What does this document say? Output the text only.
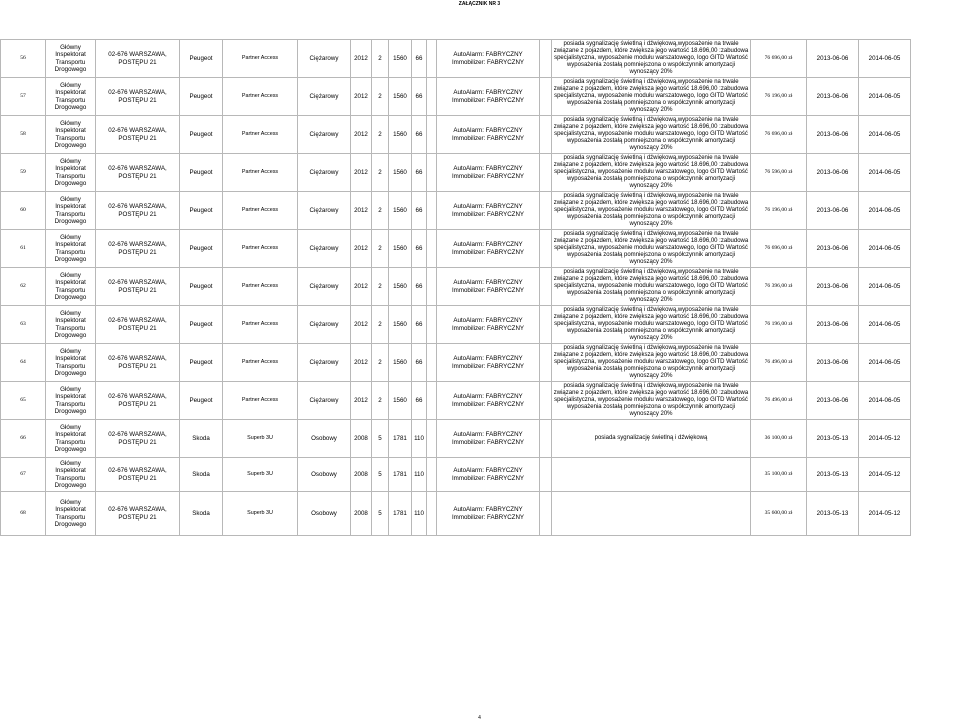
ZAŁĄCZNIK NR 3
56	Główny Inspektorat Transportu Drogowego	02-676 WARSZAWA, POSTĘPU 21	Peugeot	Partner Access	Ciężarowy	2012	2	1560	66		AutoAlarm: FABRYCZNY Immobilizer: FABRYCZNY		posiada sygnalizację świetlną i dźwiękową,wyposażenie na trwale związane z pojazdem, które zwiększa jego wartość 18.696,00 :zabudowa specjalistyczna, wyposażenie modułu warszatowego, logo GITD Wartość wyposażenia zostałą pomniejszona o współczynnik amortyzacji wynoszący 20%	76 696,00 zł	2013-06-06	2014-06-05
57	Główny Inspektorat Transportu Drogowego	02-676 WARSZAWA, POSTĘPU 21	Peugeot	Partner Access	Ciężarowy	2012	2	1560	66		AutoAlarm: FABRYCZNY Immobilizer: FABRYCZNY		posiada sygnalizację świetlną i dźwiękową,wyposażenie na trwale związane z pojazdem, które zwiększa jego wartość 18.696,00 :zabudowa specjalistyczna, wyposażenie modułu warszatowego, logo GITD Wartość wyposażenia zostałą pomniejszona o współczynnik amortyzacji wynoszący 20%	76 196,00 zł	2013-06-06	2014-06-05
58	Główny Inspektorat Transportu Drogowego	02-676 WARSZAWA, POSTĘPU 21	Peugeot	Partner Access	Ciężarowy	2012	2	1560	66		AutoAlarm: FABRYCZNY Immobilizer: FABRYCZNY		posiada sygnalizację świetlną i dźwiękową,wyposażenie na trwale związane z pojazdem, które zwiększa jego wartość 18.696,00 :zabudowa specjalistyczna, wyposażenie modułu warszatowego, logo GITD Wartość wyposażenia zostałą pomniejszona o współczynnik amortyzacji wynoszący 20%	76 696,00 zł	2013-06-06	2014-06-05
59	Główny Inspektorat Transportu Drogowego	02-676 WARSZAWA, POSTĘPU 21	Peugeot	Partner Access	Ciężarowy	2012	2	1560	66		AutoAlarm: FABRYCZNY Immobilizer: FABRYCZNY		posiada sygnalizację świetlną i dźwiękową,wyposażenie na trwale związane z pojazdem, które zwiększa jego wartość 18.696,00 :zabudowa specjalistyczna, wyposażenie modułu warszatowego, logo GITD Wartość wyposażenia zostałą pomniejszona o współczynnik amortyzacji wynoszący 20%	76 596,00 zł	2013-06-06	2014-06-05
60	Główny Inspektorat Transportu Drogowego	02-676 WARSZAWA, POSTĘPU 21	Peugeot	Partner Access	Ciężarowy	2012	2	1560	66		AutoAlarm: FABRYCZNY Immobilizer: FABRYCZNY		posiada sygnalizację świetlną i dźwiękową,wyposażenie na trwale związane z pojazdem, które zwiększa jego wartość 18.696,00 :zabudowa specjalistyczna, wyposażenie modułu warszatowego, logo GITD Wartość wyposażenia zostałą pomniejszona o współczynnik amortyzacji wynoszący 20%	76 196,00 zł	2013-06-06	2014-06-05
61	Główny Inspektorat Transportu Drogowego	02-676 WARSZAWA, POSTĘPU 21	Peugeot	Partner Access	Ciężarowy	2012	2	1560	66		AutoAlarm: FABRYCZNY Immobilizer: FABRYCZNY		posiada sygnalizację świetlną i dźwiękową,wyposażenie na trwale związane z pojazdem, które zwiększa jego wartość 18.696,00 :zabudowa specjalistyczna, wyposażenie modułu warszatowego, logo GITD Wartość wyposażenia zostałą pomniejszona o współczynnik amortyzacji wynoszący 20%	76 696,00 zł	2013-06-06	2014-06-05
62	Główny Inspektorat Transportu Drogowego	02-676 WARSZAWA, POSTĘPU 21	Peugeot	Partner Access	Ciężarowy	2012	2	1560	66		AutoAlarm: FABRYCZNY Immobilizer: FABRYCZNY		posiada sygnalizację świetlną i dźwiękową,wyposażenie na trwale związane z pojazdem, które zwiększa jego wartość 18.696,00 :zabudowa specjalistyczna, wyposażenie modułu warszatowego, logo GITD Wartość wyposażenia zostałą pomniejszona o współczynnik amortyzacji wynoszący 20%	76 396,00 zł	2013-06-06	2014-06-05
63	Główny Inspektorat Transportu Drogowego	02-676 WARSZAWA, POSTĘPU 21	Peugeot	Partner Access	Ciężarowy	2012	2	1560	66		AutoAlarm: FABRYCZNY Immobilizer: FABRYCZNY		posiada sygnalizację świetlną i dźwiękową,wyposażenie na trwale związane z pojazdem, które zwiększa jego wartość 18.696,00 :zabudowa specjalistyczna, wyposażenie modułu warszatowego, logo GITD Wartość wyposażenia zostałą pomniejszona o współczynnik amortyzacji wynoszący 20%	76 196,00 zł	2013-06-06	2014-06-05
64	Główny Inspektorat Transportu Drogowego	02-676 WARSZAWA, POSTĘPU 21	Peugeot	Partner Access	Ciężarowy	2012	2	1560	66		AutoAlarm: FABRYCZNY Immobilizer: FABRYCZNY		posiada sygnalizację świetlną i dźwiękową,wyposażenie na trwale związane z pojazdem, które zwiększa jego wartość 18.696,00 :zabudowa specjalistyczna, wyposażenie modułu warszatowego, logo GITD Wartość wyposażenia zostałą pomniejszona o współczynnik amortyzacji wynoszący 20%	76 496,00 zł	2013-06-06	2014-06-05
65	Główny Inspektorat Transportu Drogowego	02-676 WARSZAWA, POSTĘPU 21	Peugeot	Partner Access	Ciężarowy	2012	2	1560	66		AutoAlarm: FABRYCZNY Immobilizer: FABRYCZNY		posiada sygnalizację świetlną i dźwiękową,wyposażenie na trwale związane z pojazdem, które zwiększa jego wartość 18.696,00 :zabudowa specjalistyczna, wyposażenie modułu warszatowego, logo GITD Wartość wyposażenia zostałą pomniejszona o współczynnik amortyzacji wynoszący 20%	76 496,00 zł	2013-06-06	2014-06-05
66	Główny Inspektorat Transportu Drogowego	02-676 WARSZAWA, POSTĘPU 21	Skoda	Superb 3U	Osobowy	2008	5	1781	110		AutoAlarm: FABRYCZNY Immobilizer: FABRYCZNY		posiada sygnalizację świetlną i dźwiękową	36 100,00 zł	2013-05-13	2014-05-12
67	Główny Inspektorat Transportu Drogowego	02-676 WARSZAWA, POSTĘPU 21	Skoda	Superb 3U	Osobowy	2008	5	1781	110		AutoAlarm: FABRYCZNY Immobilizer: FABRYCZNY			35 100,00 zł	2013-05-13	2014-05-12
68	Główny Inspektorat Transportu Drogowego	02-676 WARSZAWA, POSTĘPU 21	Skoda	Superb 3U	Osobowy	2008	5	1781	110		AutoAlarm: FABRYCZNY Immobilizer: FABRYCZNY			35 600,00 zł	2013-05-13	2014-05-12
4
